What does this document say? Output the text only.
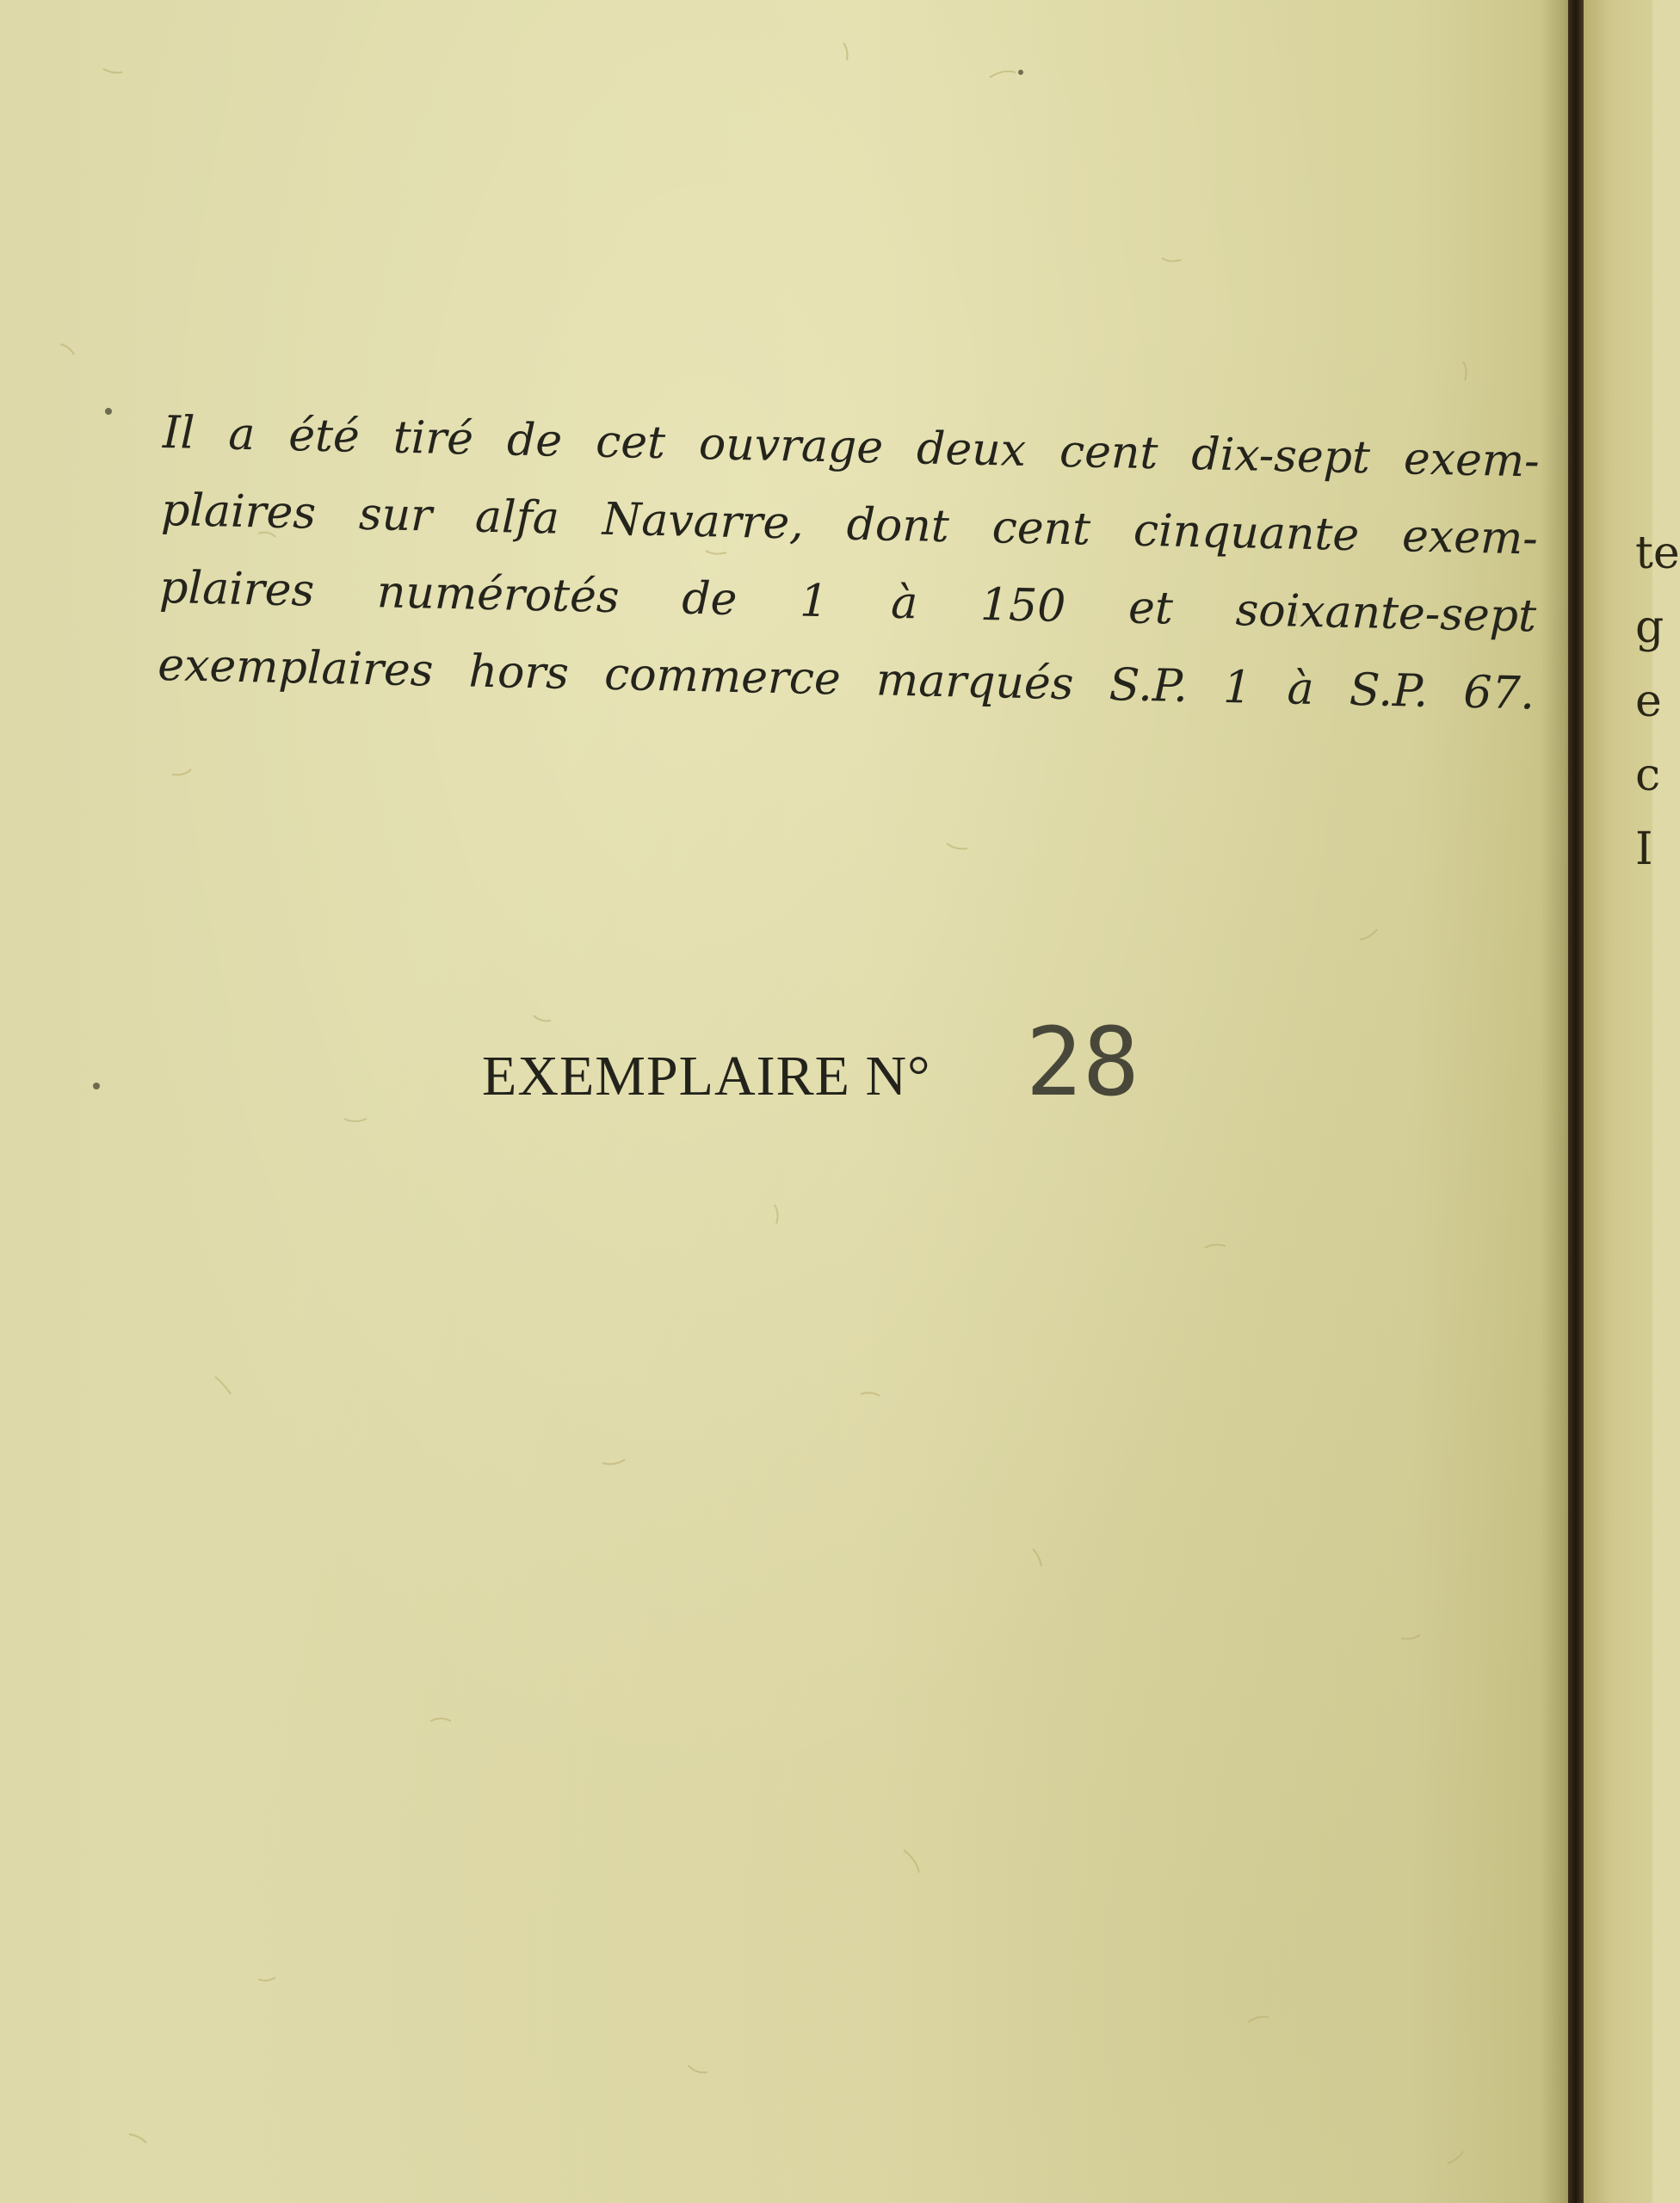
Il a été tiré de cet ouvrage deux cent dix-sept exem-
plaires sur alfa Navarre, dont cent cinquante exem-
plaires numérotés de 1 à 150 et soixante-sept
exemplaires hors commerce marqués S.P. 1 à S.P. 67.
EXEMPLAIRE N° 28
te
g
e
c
I
